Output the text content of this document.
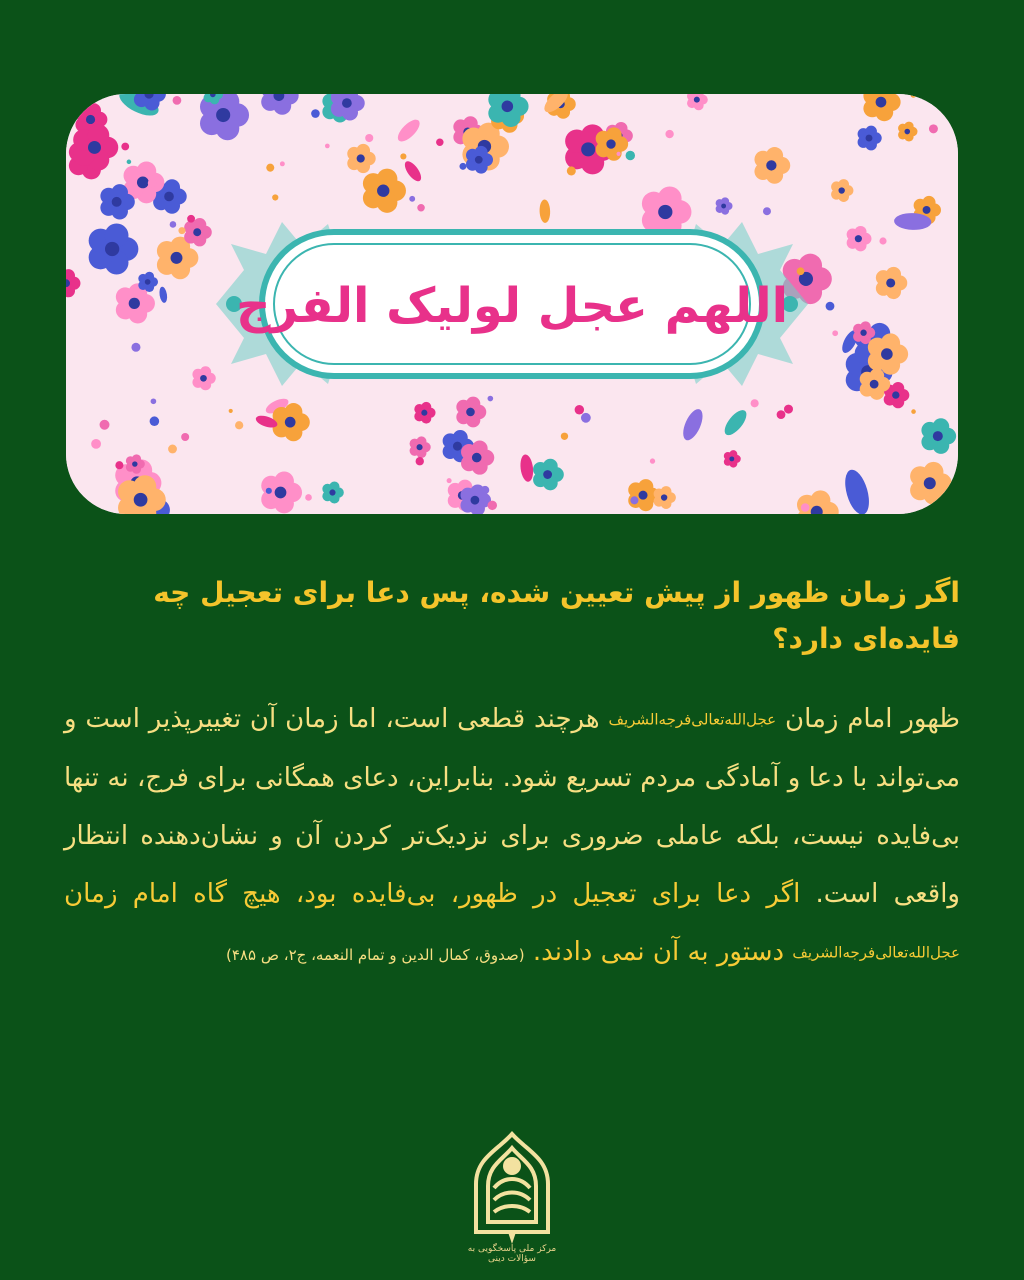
اللهم عجل لولیک الفرج
اگر زمان ظهور از پیش تعیین شده، پس دعا برای تعجیل چه فایده‌ای دارد؟
ظهور امام زمان عجل‌الله‌تعالی‌فرجه‌الشریف هرچند قطعی است، اما زمان آن تغییرپذیر است و می‌تواند با دعا و آمادگی مردم تسریع شود. بنابراین، دعای همگانی برای فرج، نه تنها بی‌فایده نیست، بلکه عاملی ضروری برای نزدیک‌تر کردن آن و نشان‌دهنده انتظار واقعی است. اگر دعا برای تعجیل در ظهور، بی‌فایده بود، هیچ گاه امام زمان عجل‌الله‌تعالی‌فرجه‌الشریف دستور به آن نمی دادند. (صدوق، کمال الدین و تمام النعمه، ج۲، ص ۴۸۵)
مرکز ملی پاسخگویی به سؤالات دینی
